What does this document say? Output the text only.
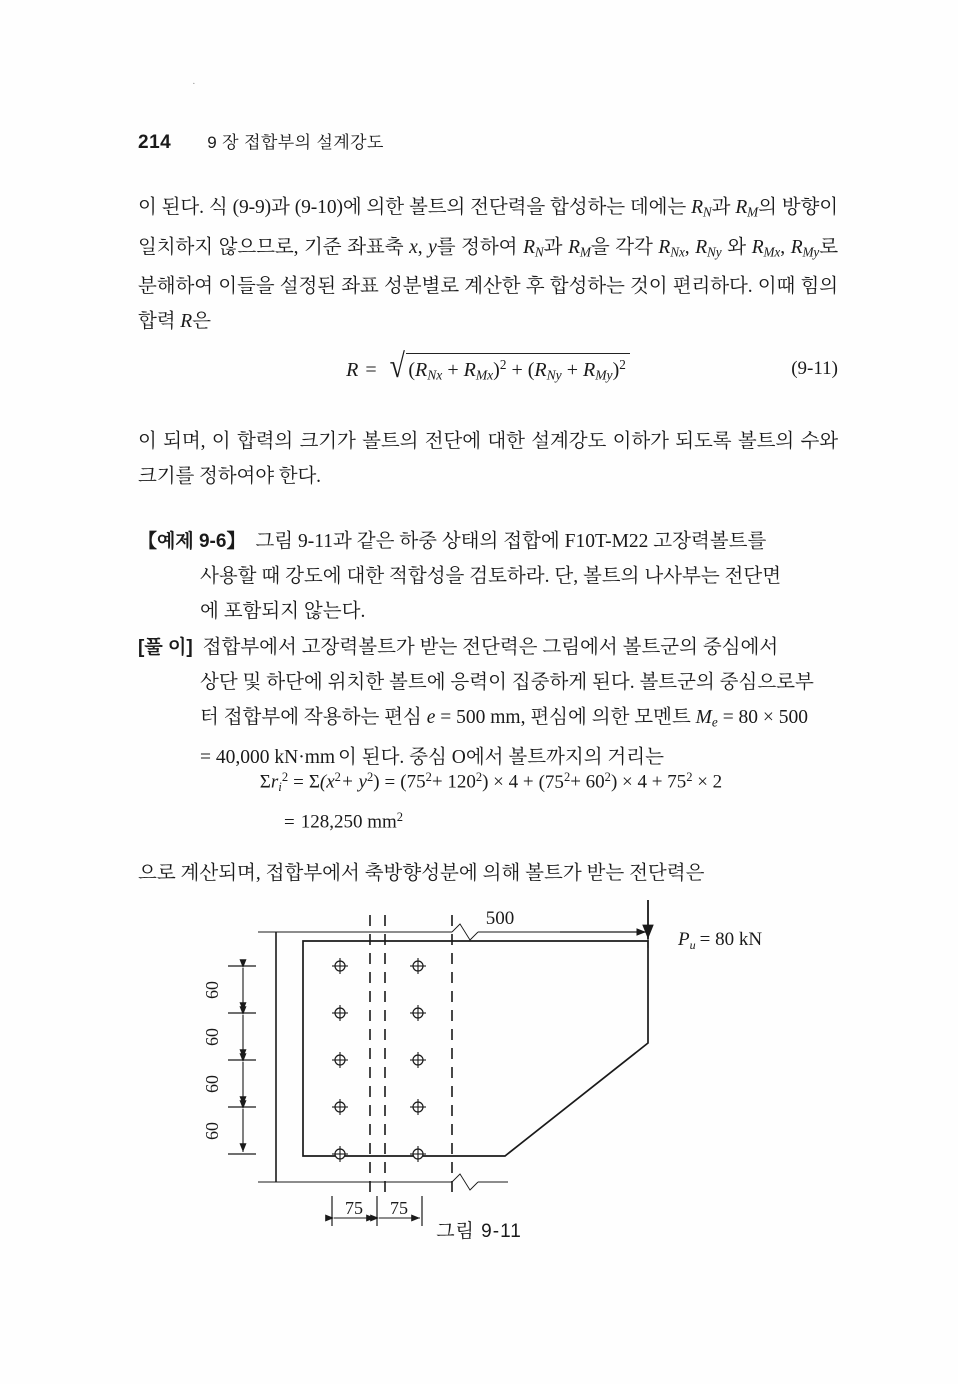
214 9 장 접합부의 설계강도
이 된다. 식 (9-9)과 (9-10)에 의한 볼트의 전단력을 합성하는 데에는 $R_N$과 $R_M$의 방향이 일치하지 않으므로, 기준 좌표축 x, y를 정하여 $R_N$과 $R_M$을 각각 $R_{Nx}$, $R_{Ny}$ 와 $R_{Mx}$, $R_{My}$로 분해하여 이들을 설정된 좌표 성분별로 계산한 후 합성하는 것이 편리하다. 이때 힘의 합력 R은
R = √ $(R_{Nx} + R_{Mx})^2 + (R_{Ny} + R_{My})^2$	(9-11)
이 되며, 이 합력의 크기가 볼트의 전단에 대한 설계강도 이하가 되도록 볼트의 수와 크기를 정하여야 한다.
【예제 9-6】 그림 9-11과 같은 하중 상태의 접합에 F10T-M22 고장력볼트를
사용할 때 강도에 대한 적합성을 검토하라. 단, 볼트의 나사부는 전단면
에 포함되지 않는다.
[풀 이] 접합부에서 고장력볼트가 받는 전단력은 그림에서 볼트군의 중심에서
상단 및 하단에 위치한 볼트에 응력이 집중하게 된다. 볼트군의 중심으로부
터 접합부에 작용하는 편심 e = 500 mm, 편심에 의한 모멘트 $M_e = 80 \times 500$
= 40,000 kN·mm 이 된다. 중심 O에서 볼트까지의 거리는
$\Sigma r_i^2 = \Sigma(x^2+ y^2) = (75^2+ 120^2) \times 4 + (75^2+ 60^2) \times 4 + 75^2 \times 2$
= 128,250 $mm^2$
으로 계산되며, 접합부에서 축방향성분에 의해 볼트가 받는 전단력은
500
$P_u = 80$ kN
60
60
60
60
75 75
그림 9-11
·
